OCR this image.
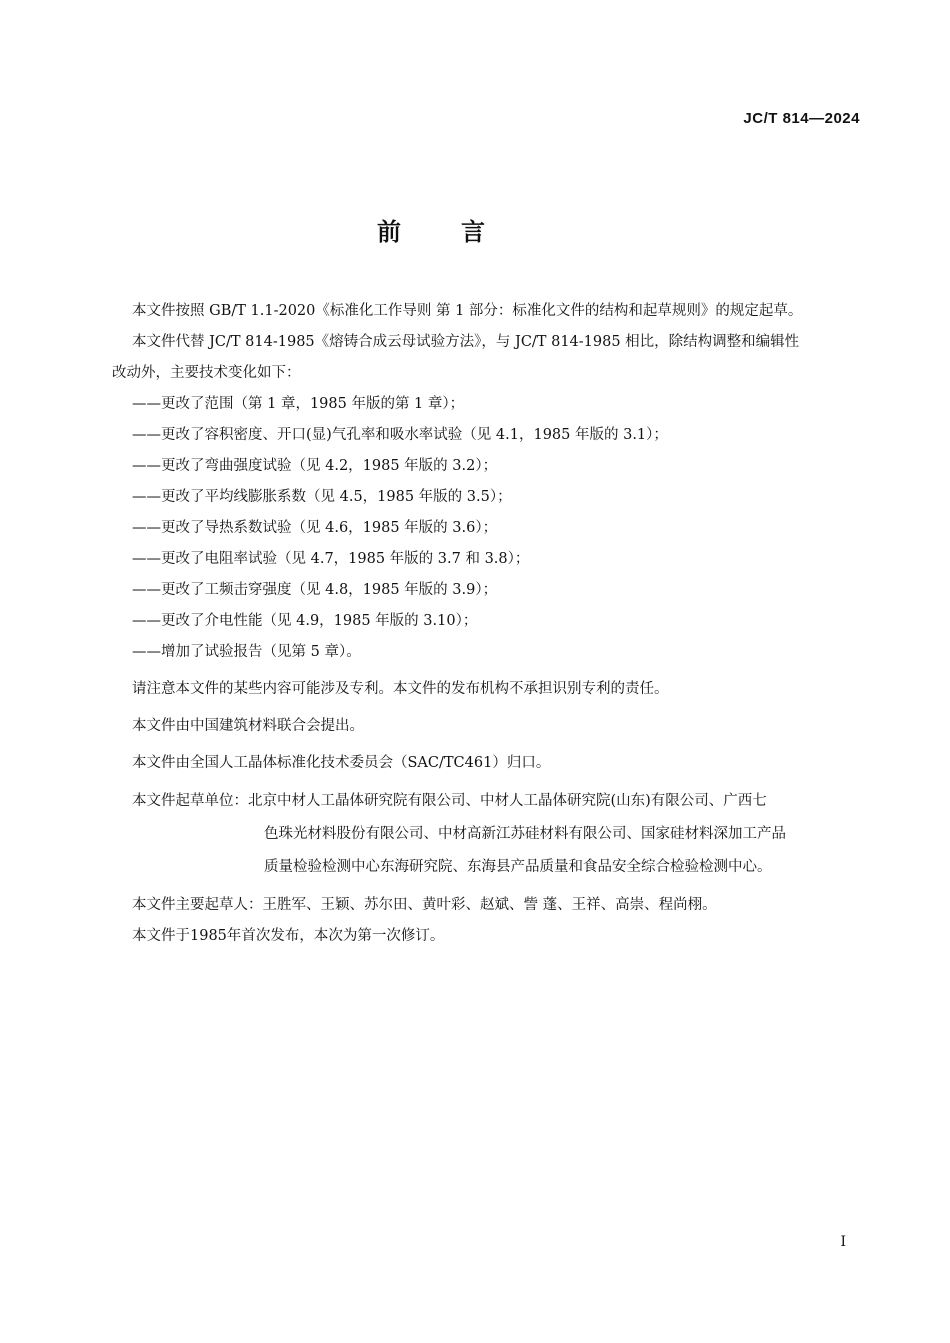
JC/T 814—2024
前言

本文件按照 GB/T 1.1-2020《标准化工作导则 第 1 部分：标准化文件的结构和起草规则》的规定起草。

本文件代替 JC/T 814-1985《熔铸合成云母试验方法》，与 JC/T 814-1985 相比，除结构调整和编辑性

改动外，主要技术变化如下：

——更改了范围（第 1 章，1985 年版的第 1 章）；

——更改了容积密度、开口(显)气孔率和吸水率试验（见 4.1，1985 年版的 3.1）；

——更改了弯曲强度试验（见 4.2，1985 年版的 3.2）；

——更改了平均线膨胀系数（见 4.5，1985 年版的 3.5）；

——更改了导热系数试验（见 4.6，1985 年版的 3.6）；

——更改了电阻率试验（见 4.7，1985 年版的 3.7 和 3.8）；

——更改了工频击穿强度（见 4.8，1985 年版的 3.9）；

——更改了介电性能（见 4.9，1985 年版的 3.10）；

——增加了试验报告（见第 5 章）。

请注意本文件的某些内容可能涉及专利。本文件的发布机构不承担识别专利的责任。

本文件由中国建筑材料联合会提出。

本文件由全国人工晶体标准化技术委员会（SAC/TC461）归口。

本文件起草单位：北京中材人工晶体研究院有限公司、中材人工晶体研究院(山东)有限公司、广西七
色珠光材料股份有限公司、中材高新江苏硅材料有限公司、国家硅材料深加工产品
质量检验检测中心东海研究院、东海县产品质量和食品安全综合检验检测中心。

本文件主要起草人：王胜军、王颖、苏尔田、黄叶彩、赵斌、訾 蓬、王祥、高崇、程尚栩。

本文件于1985年首次发布，本次为第一次修订。

I
